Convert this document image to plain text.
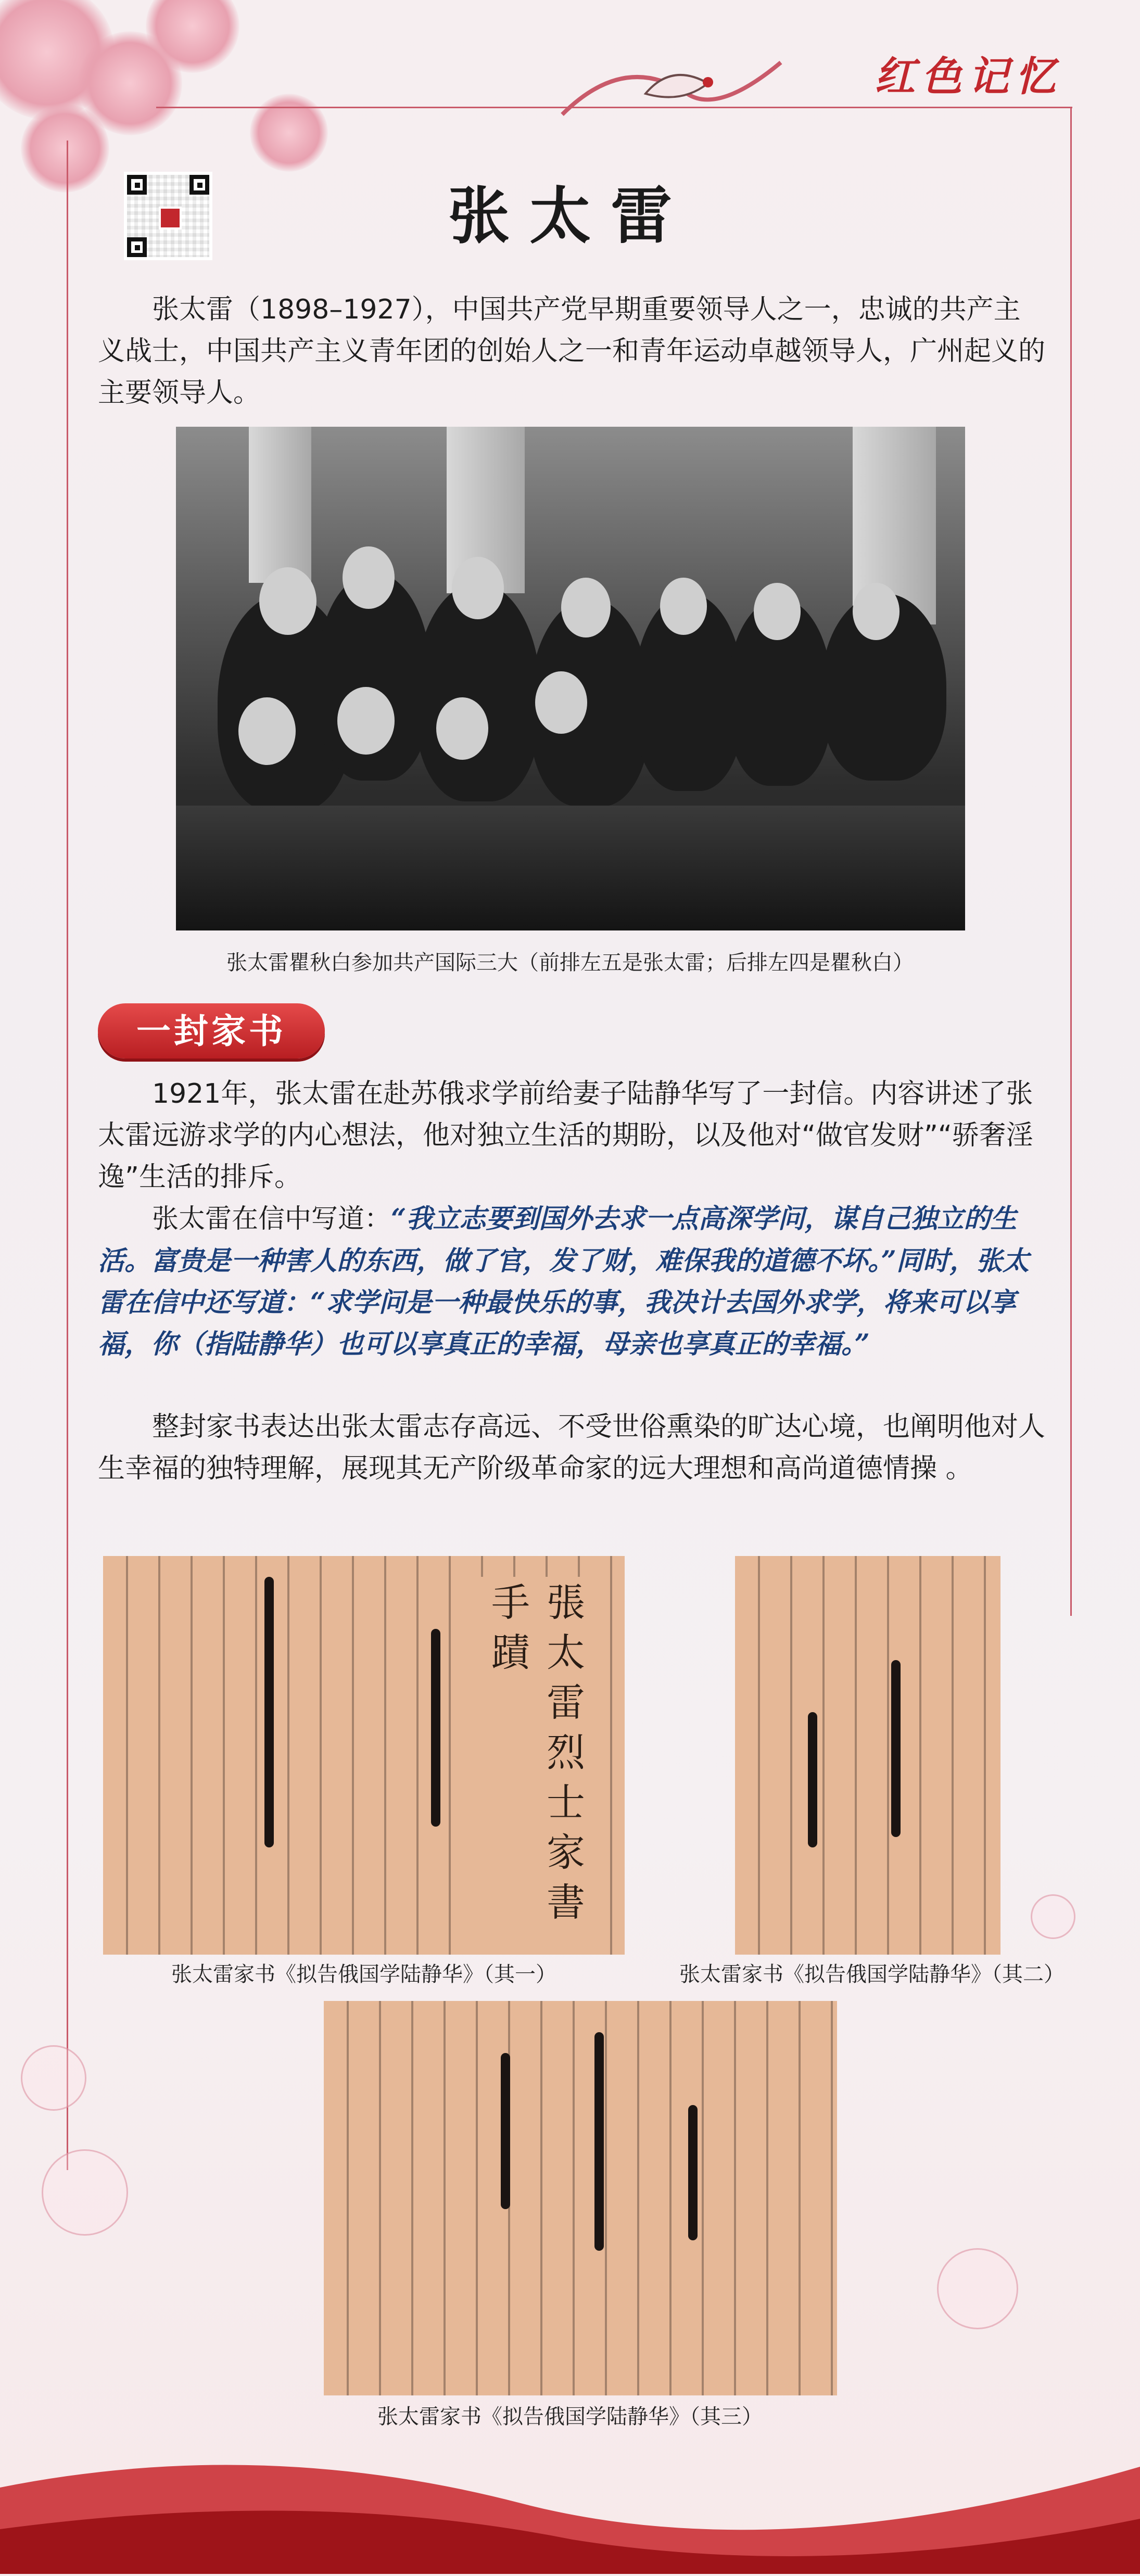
红色记忆
张太雷

张太雷（1898–1927），中国共产党早期重要领导人之一，忠诚的共产主义战士，中国共产主义青年团的创始人之一和青年运动卓越领导人，广州起义的主要领导人。

张太雷瞿秋白参加共产国际三大（前排左五是张太雷；后排左四是瞿秋白）
一封家书

1921年，张太雷在赴苏俄求学前给妻子陆静华写了一封信。内容讲述了张太雷远游求学的内心想法，他对独立生活的期盼，以及他对“做官发财”“骄奢淫逸”生活的排斥。

张太雷在信中写道：“我立志要到国外去求一点高深学问，谋自己独立的生活。富贵是一种害人的东西，做了官，发了财，难保我的道德不坏。”同时，张太雷在信中还写道：“求学问是一种最快乐的事，我决计去国外求学，将来可以享福，你（指陆静华）也可以享真正的幸福，母亲也享真正的幸福。”

整封家书表达出张太雷志存高远、不受世俗熏染的旷达心境，也阐明他对人生幸福的独特理解，展现其无产阶级革命家的远大理想和高尚道德情操 。

張太雷烈士家書手蹟
张太雷家书《拟告俄国学陆静华》（其一）	张太雷家书《拟告俄国学陆静华》（其二）
张太雷家书《拟告俄国学陆静华》（其三）
